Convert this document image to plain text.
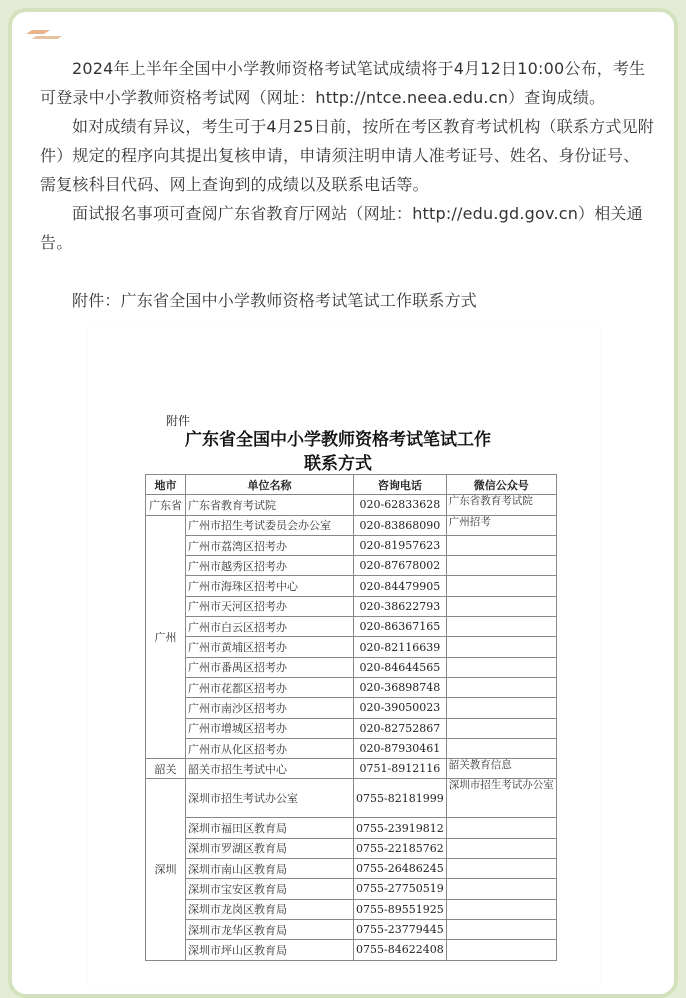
2024年上半年全国中小学教师资格考试笔试成绩将于4月12日10:00公布，考生可登录中小学教师资格考试网（网址：http://ntce.neea.edu.cn）查询成绩。

如对成绩有异议，考生可于4月25日前，按所在考区教育考试机构（联系方式见附件）规定的程序向其提出复核申请，申请须注明申请人准考证号、姓名、身份证号、需复核科目代码、网上查询到的成绩以及联系电话等。

面试报名事项可查阅广东省教育厅网站（网址：http://edu.gd.gov.cn）相关通告。

附件：广东省全国中小学教师资格考试笔试工作联系方式

附件
广东省全国中小学教师资格考试笔试工作
联系方式
地市	单位名称	咨询电话	微信公众号
广东省	广东省教育考试院	020-62833628	广东省教育考试院
广州	广州市招生考试委员会办公室	020-83868090	广州招考
	广州市荔湾区招考办	020-81957623	
	广州市越秀区招考办	020-87678002	
	广州市海珠区招考中心	020-84479905	
	广州市天河区招考办	020-38622793	
	广州市白云区招考办	020-86367165	
	广州市黄埔区招考办	020-82116639	
	广州市番禺区招考办	020-84644565	
	广州市花都区招考办	020-36898748	
	广州市南沙区招考办	020-39050023	
	广州市增城区招考办	020-82752867	
	广州市从化区招考办	020-87930461	
韶关	韶关市招生考试中心	0751-8912116	韶关教育信息
深圳	深圳市招生考试办公室	0755-82181999	深圳市招生考试办公室
	深圳市福田区教育局	0755-23919812	
	深圳市罗湖区教育局	0755-22185762	
	深圳市南山区教育局	0755-26486245	
	深圳市宝安区教育局	0755-27750519	
	深圳市龙岗区教育局	0755-89551925	
	深圳市龙华区教育局	0755-23779445	
	深圳市坪山区教育局	0755-84622408	
